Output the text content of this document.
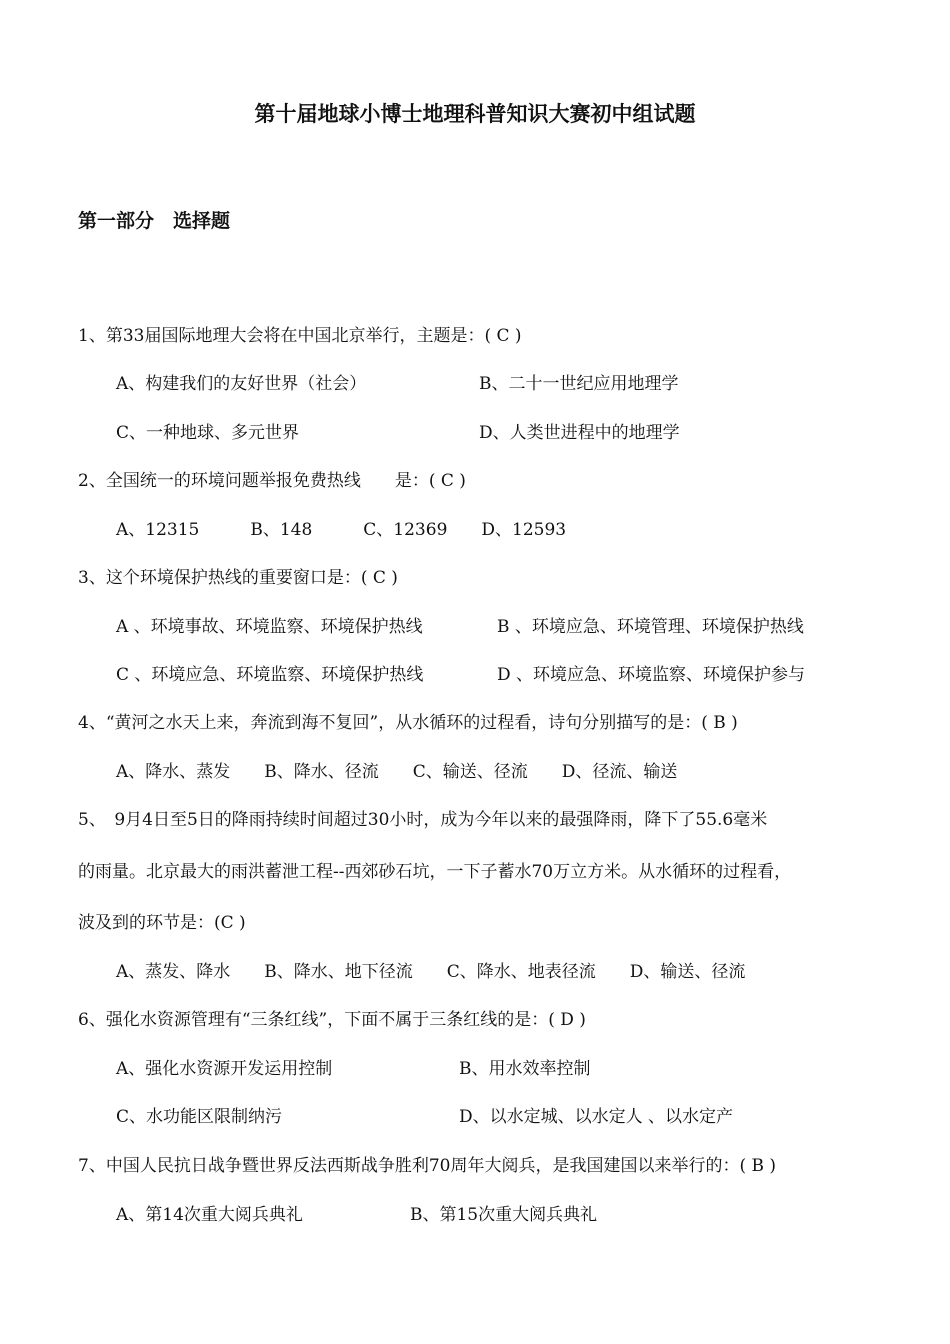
第十届地球小博士地理科普知识大赛初中组试题
第一部分　选择题
1、第33届国际地理大会将在中国北京举行，主题是：( C )
A、构建我们的友好世界（社会）	B、二十一世纪应用地理学
C、一种地球、多元世界	D、人类世进程中的地理学
2、全国统一的环境问题举报免费热线　　是：( C )
A、12315　　　B、148　　　C、12369　　D、12593
3、这个环境保护热线的重要窗口是：( C )
A 、环境事故、环境监察、环境保护热线	B 、环境应急、环境管理、环境保护热线
C 、环境应急、环境监察、环境保护热线	D 、环境应急、环境监察、环境保护参与
4、“黄河之水天上来，奔流到海不复回”，从水循环的过程看，诗句分别描写的是：( B )
A、降水、蒸发　　B、降水、径流　　C、输送、径流　　D、径流、输送
5、　9月4日至5日的降雨持续时间超过30小时，成为今年以来的最强降雨，降下了55.6毫米
的雨量。北京最大的雨洪蓄泄工程--西郊砂石坑，一下子蓄水70万立方米。从水循环的过程看，
波及到的环节是：(C )
A、蒸发、降水　　B、降水、地下径流　　C、降水、地表径流　　D、输送、径流
6、强化水资源管理有“三条红线”，下面不属于三条红线的是：( D )
A、强化水资源开发运用控制	B、用水效率控制
C、水功能区限制纳污	D、以水定城、以水定人 、以水定产
7、中国人民抗日战争暨世界反法西斯战争胜利70周年大阅兵，是我国建国以来举行的：( B )
A、第14次重大阅兵典礼	B、第15次重大阅兵典礼
